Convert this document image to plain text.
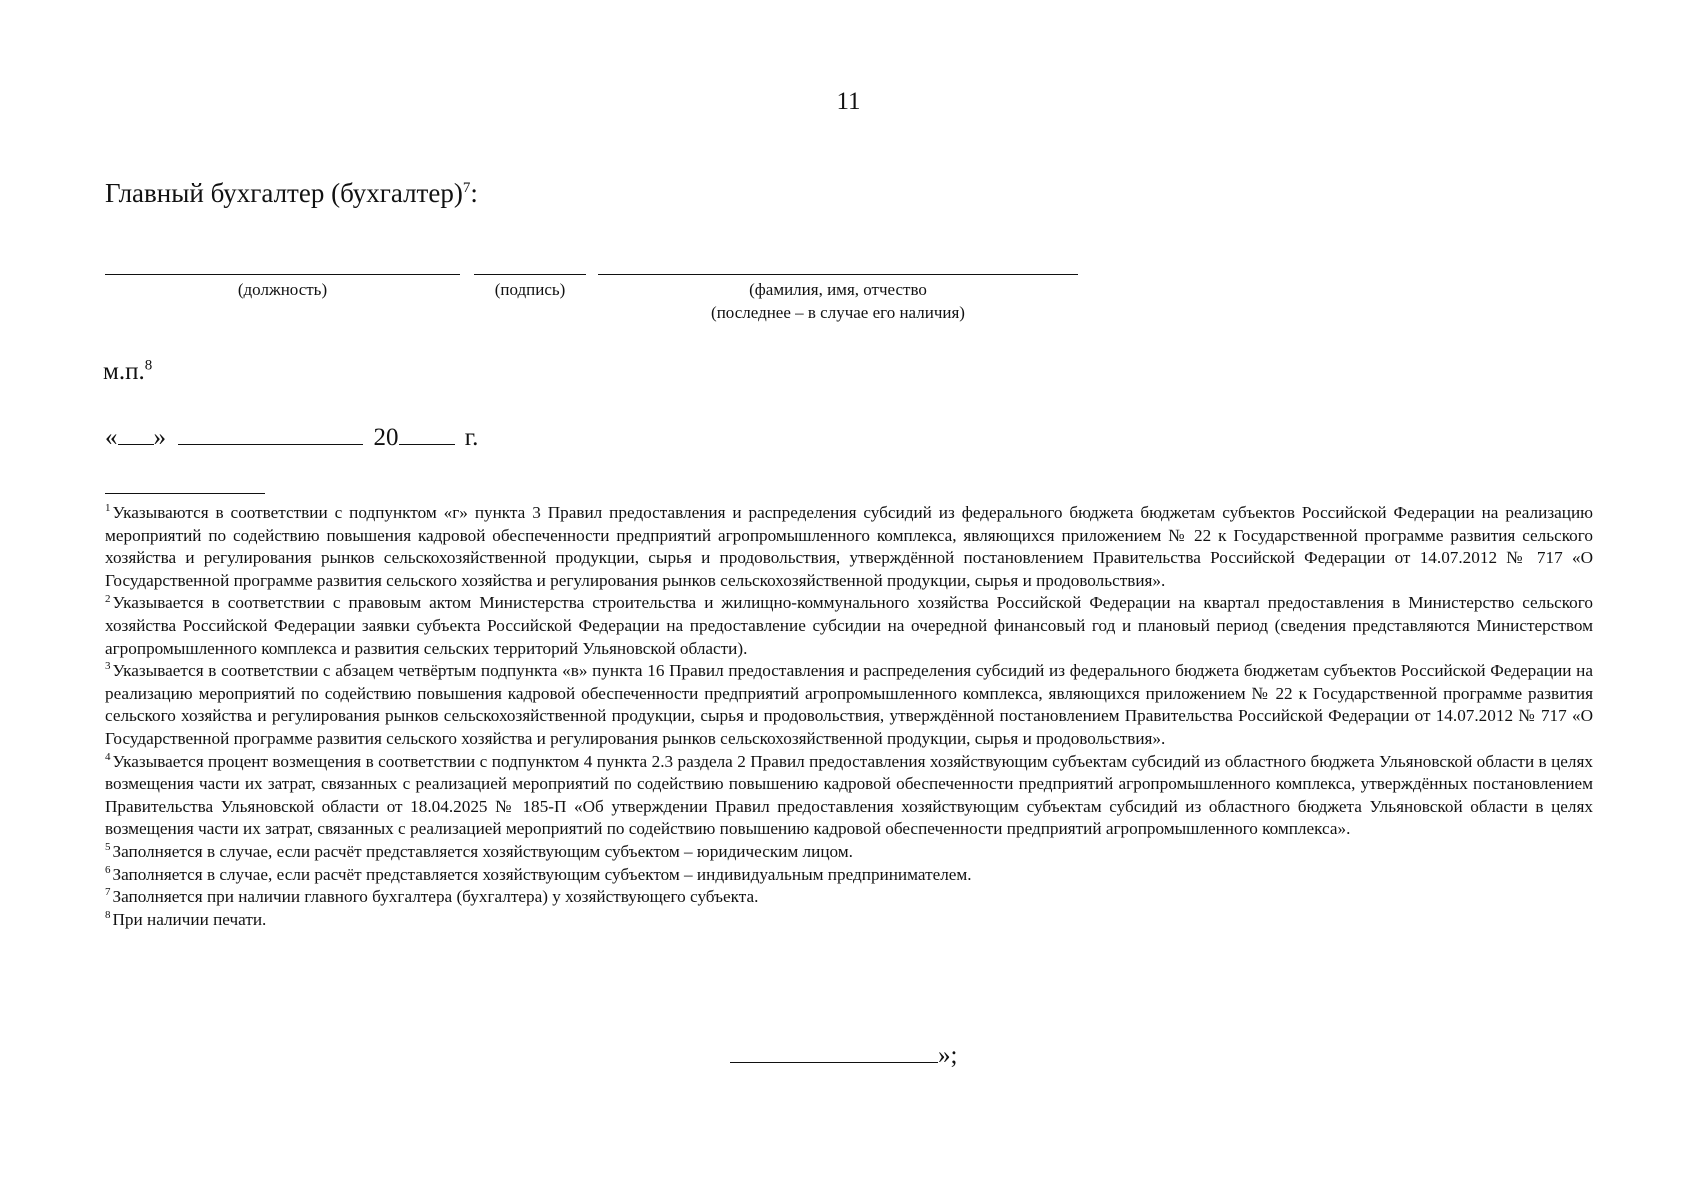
11
Главный бухгалтер (бухгалтер)$^7$:
(должность)	(подпись)	(фамилия, имя, отчество
(последнее – в случае его наличия)
м.п.$^8$
« »	20	г.

$^1$ Указываются в соответствии с подпунктом «г» пункта 3 Правил предоставления и распределения субсидий из федерального бюджета бюджетам субъектов Российской Федерации на реализацию мероприятий по содействию повышения кадровой обеспеченности предприятий агропромышленного комплекса, являющихся приложением № 22 к Государственной программе развития сельского хозяйства и регулирования рынков сельскохозяйственной продукции, сырья и продовольствия, утверждённой постановлением Правительства Российской Федерации от 14.07.2012 № 717 «О Государственной программе развития сельского хозяйства и регулирования рынков сельскохозяйственной продукции, сырья и продовольствия».

$^2$ Указывается в соответствии с правовым актом Министерства строительства и жилищно-коммунального хозяйства Российской Федерации на квартал предоставления в Министерство сельского хозяйства Российской Федерации заявки субъекта Российской Федерации на предоставление субсидии на очередной финансовый год и плановый период (сведения представляются Министерством агропромышленного комплекса и развития сельских территорий Ульяновской области).

$^3$ Указывается в соответствии с абзацем четвёртым подпункта «в» пункта 16 Правил предоставления и распределения субсидий из федерального бюджета бюджетам субъектов Российской Федерации на реализацию мероприятий по содействию повышения кадровой обеспеченности предприятий агропромышленного комплекса, являющихся приложением № 22 к Государственной программе развития сельского хозяйства и регулирования рынков сельскохозяйственной продукции, сырья и продовольствия, утверждённой постановлением Правительства Российской Федерации от 14.07.2012 № 717 «О Государственной программе развития сельского хозяйства и регулирования рынков сельскохозяйственной продукции, сырья и продовольствия».

$^4$ Указывается процент возмещения в соответствии с подпунктом 4 пункта 2.3 раздела 2 Правил предоставления хозяйствующим субъектам субсидий из областного бюджета Ульяновской области в целях возмещения части их затрат, связанных с реализацией мероприятий по содействию повышению кадровой обеспеченности предприятий агропромышленного комплекса, утверждённых постановлением Правительства Ульяновской области от 18.04.2025 № 185-П «Об утверждении Правил предоставления хозяйствующим субъектам субсидий из областного бюджета Ульяновской области в целях возмещения части их затрат, связанных с реализацией мероприятий по содействию повышению кадровой обеспеченности предприятий агропромышленного комплекса».

$^5$ Заполняется в случае, если расчёт представляется хозяйствующим субъектом – юридическим лицом.

$^6$ Заполняется в случае, если расчёт представляется хозяйствующим субъектом – индивидуальным предпринимателем.

$^7$ Заполняется при наличии главного бухгалтера (бухгалтера) у хозяйствующего субъекта.

$^8$ При наличии печати.

»;
